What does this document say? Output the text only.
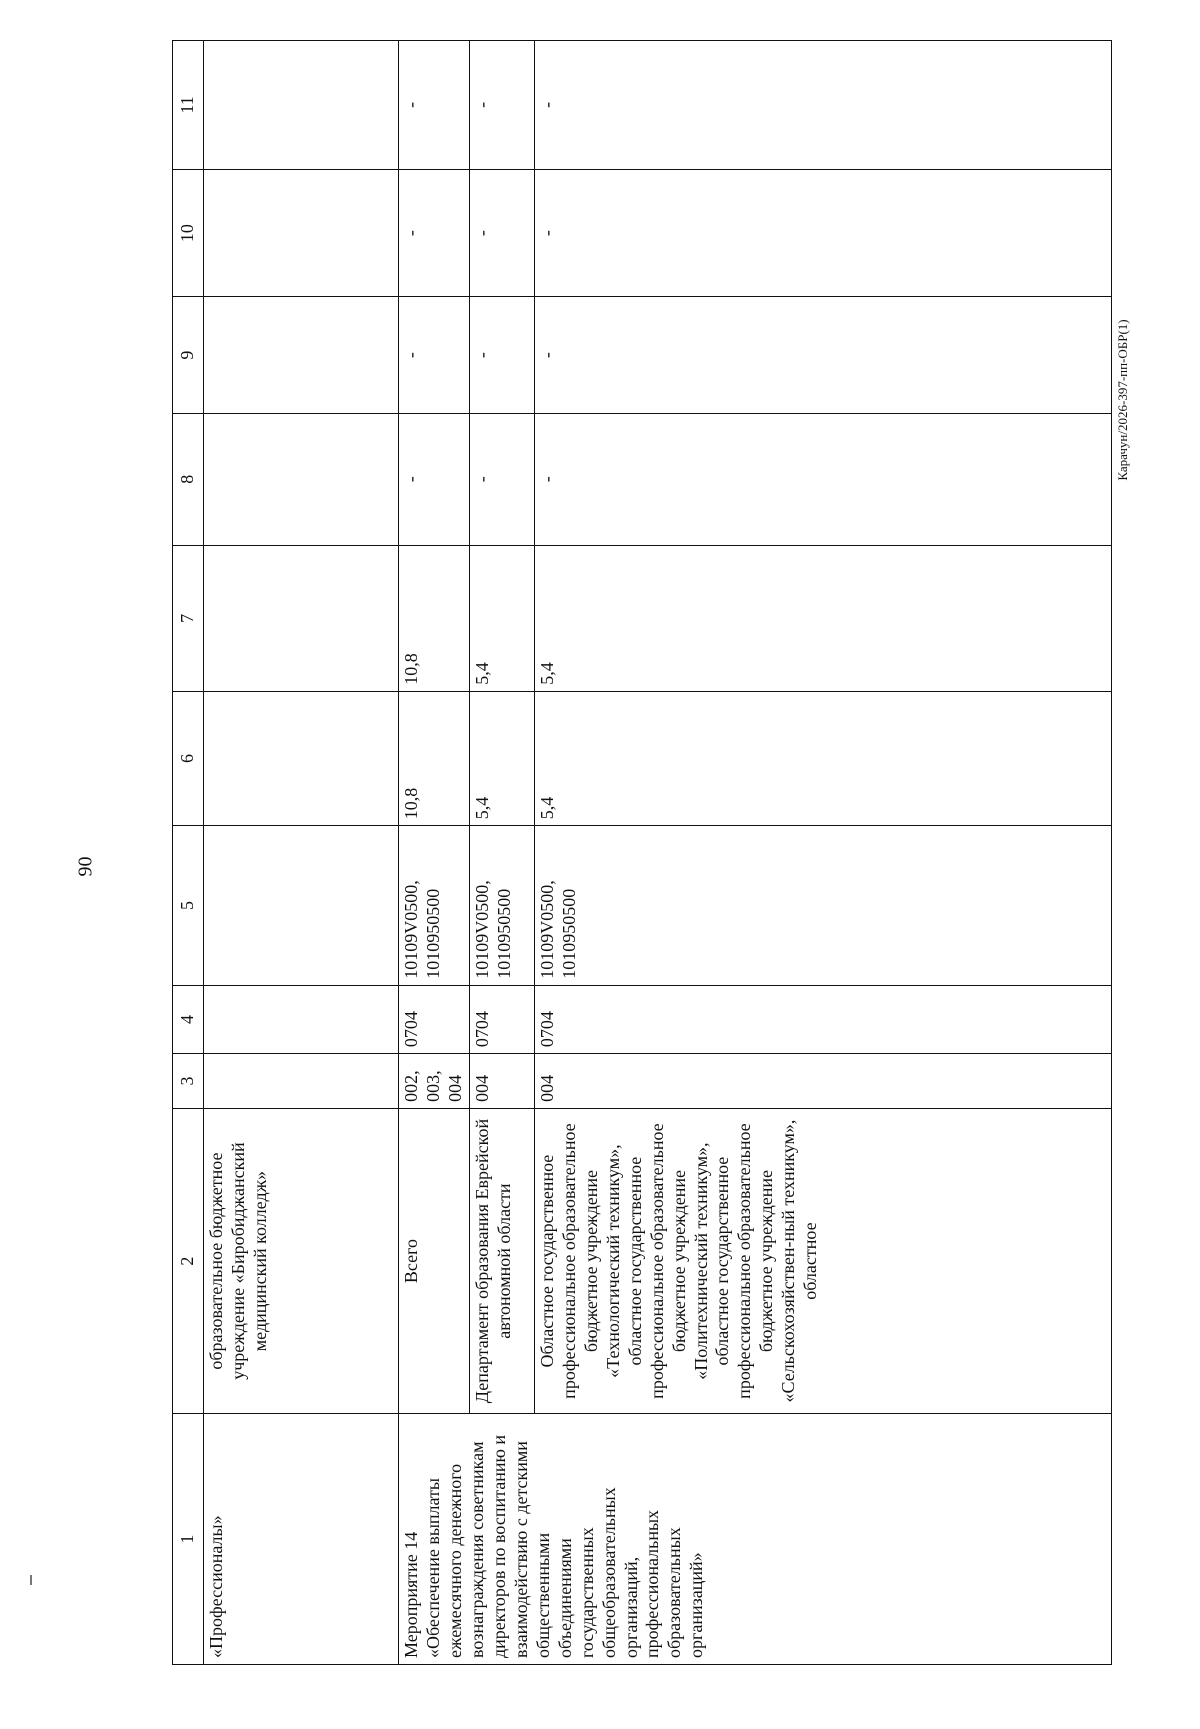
90
Карачун/2026-397-пп-ОБР(1)
1	2	3	4	5	6	7	8	9	10	11
«Профессионалы»	образовательное бюджетное учреждение «Биробиджанский медицинский колледж»									
Мероприятие 14 «Обеспечение выплаты ежемесячного денежного вознаграждения советникам директоров по воспитанию и взаимодействию с детскими общественными объединениями государственных общеобразовательных организаций, профессиональных образовательных организаций»	Всего	002, 003, 004	0704	10109V0500, 1010950500	10,8	10,8	-	-	-	-
	Департамент образования Еврейской автономной области	004	0704	10109V0500, 1010950500	5,4	5,4	-	-	-	-
	Областное государственное профессиональное образовательное бюджетное учреждение «Технологический техникум», областное государственное профессиональное образовательное бюджетное учреждение «Политехнический техникум», областное государственное профессиональное образовательное бюджетное учреждение «Сельскохозяйствен-ный техникум», областное	004	0704	10109V0500, 1010950500	5,4	5,4	-	-	-	-
